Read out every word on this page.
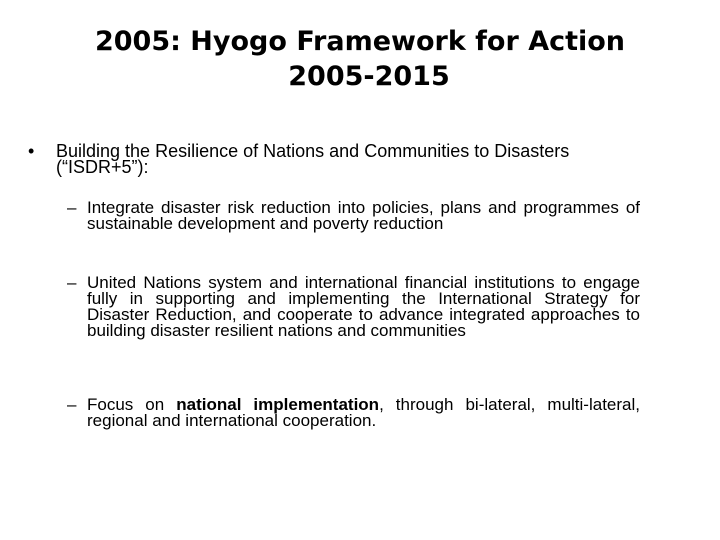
2005: Hyogo Framework for Action
2005-2015
• Building the Resilience of Nations and Communities to Disasters (“ISDR+5”):
– Integrate disaster risk reduction into policies, plans and programmes of sustainable development and poverty reduction
– United Nations system and international financial institutions to engage fully in supporting and implementing the International Strategy for Disaster Reduction, and cooperate to advance integrated approaches to building disaster resilient nations and communities
– Focus on national implementation, through bi-lateral, multi-lateral, regional and international cooperation.
